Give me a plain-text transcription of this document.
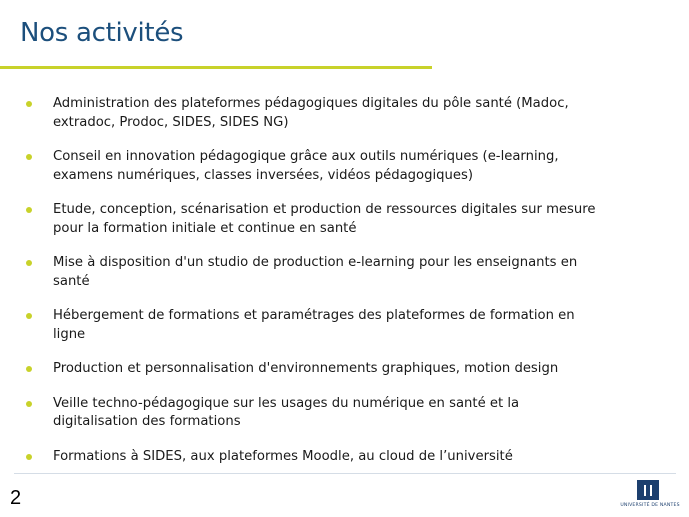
Nos activités
Administration des plateformes pédagogiques digitales du pôle santé (Madoc, extradoc, Prodoc, SIDES, SIDES NG)
Conseil en innovation pédagogique grâce aux outils numériques (e-learning, examens numériques, classes inversées, vidéos pédagogiques)
Etude, conception, scénarisation et production de ressources digitales sur mesure pour la formation initiale et continue en santé
Mise à disposition d'un studio de production e-learning pour les enseignants en santé
Hébergement de formations et paramétrages des plateformes de formation en ligne
Production et personnalisation d'environnements graphiques, motion design
Veille techno-pédagogique sur les usages du numérique en santé et la digitalisation des formations
Formations à SIDES, aux plateformes Moodle, au cloud de l’université
2	UNIVERSITÉ DE NANTES
